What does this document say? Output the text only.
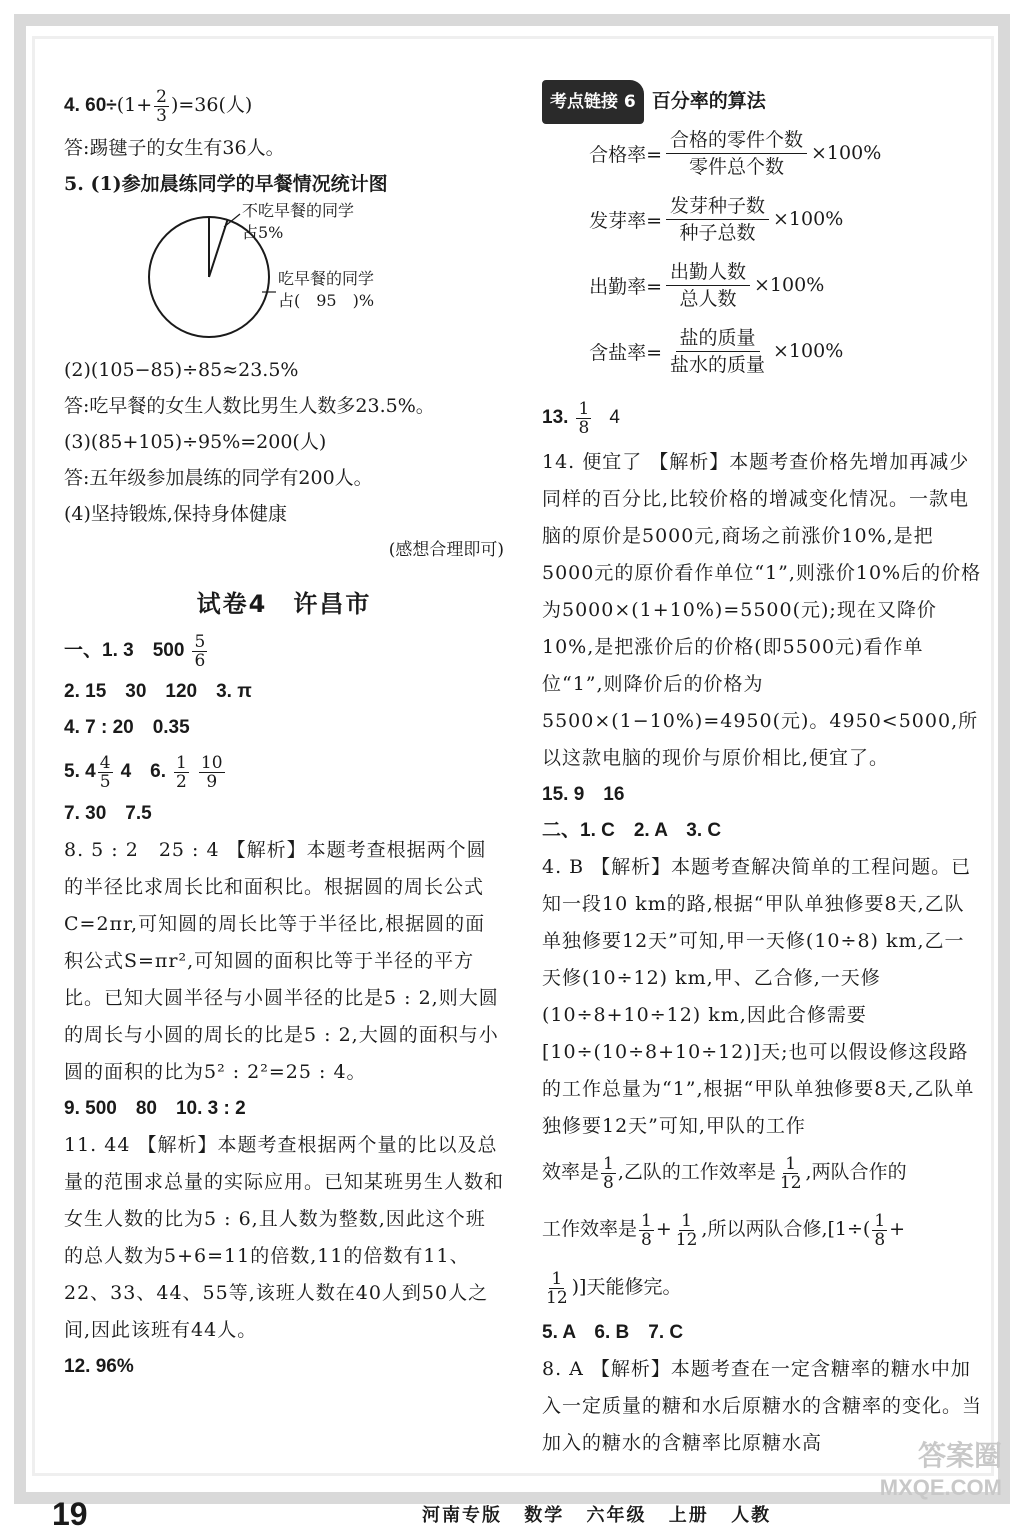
4. $60\div(1+ \frac{2}{3} )=36$(人)
答:踢毽子的女生有36人。
5. (1)参加晨练同学的早餐情况统计图
不吃早餐的同学
占5%
吃早餐的同学
占(　95　)%
(2)(105−85)÷85≈23.5%
答:吃早餐的女生人数比男生人数多23.5%。
(3)(85+105)÷95%=200(人)
答:五年级参加晨练的同学有200人。
(4)坚持锻炼,保持身体健康
(感想合理即可)
试卷4　许昌市
一、1. 3　$500 \frac{5}{6}$
2. 15　30　120　3. π
4. 7 : 20　0.35
5. $4 \frac{4}{5} 4$　6. $\frac{1}{2}$
$\frac{10}{9}$
7. 30　7.5
8. 5 : 2　25 : 4 【解析】本题考查根据两个圆的半径比求周长比和面积比。根据圆的周长公式C=2πr,可知圆的周长比等于半径比,根据圆的面积公式S=πr²,可知圆的面积比等于半径的平方比。已知大圆半径与小圆半径的比是5 : 2,则大圆的周长与小圆的周长的比是5 : 2,大圆的面积与小圆的面积的比为5² : 2²=25 : 4。
9. 500　80　10. 3 : 2
11. 44 【解析】本题考查根据两个量的比以及总量的范围求总量的实际应用。已知某班男生人数和女生人数的比为5 : 6,且人数为整数,因此这个班的总人数为5+6=11的倍数,11的倍数有11、22、33、44、55等,该班人数在40人到50人之间,因此该班有44人。
12. 96%
考点链接 6 百分率的算法
合格率=
合格的零件个数
零件总个数
×100%
发芽率=
发芽种子数
种子总数
×100%
出勤率=
出勤人数
总人数
×100%
含盐率=
盐的质量
盐水的质量
×100%
13. $\frac{1}{8} 4$
14. 便宜了 【解析】本题考查价格先增加再减少同样的百分比,比较价格的增减变化情况。一款电脑的原价是5000元,商场之前涨价10%,是把5000元的原价看作单位“1”,则涨价10%后的价格为5000×(1+10%)=5500(元);现在又降价10%,是把涨价后的价格(即5500元)看作单位“1”,则降价后的价格为5500×(1−10%)=4950(元)。4950<5000,所以这款电脑的现价与原价相比,便宜了。
15. 9　16
二、1. C　2. A　3. C
4. B 【解析】本题考查解决简单的工程问题。已知一段10 km的路,根据“甲队单独修要8天,乙队单独修要12天”可知,甲一天修(10÷8) km,乙一天修(10÷12) km,甲、乙合修,一天修(10÷8+10÷12) km,因此合修需要[10÷(10÷8+10÷12)]天;也可以假设修这段路的工作总量为“1”,根据“甲队单独修要8天,乙队单独修要12天”可知,甲队的工作
效率是 $\frac{1}{8}$ ,乙队的工作效率是 $\frac{1}{12}$ ,两队合作的
工作效率是 $\frac{1}{8} + \frac{1}{12}$ ,所以两队合修$,[1\div( \frac{1}{8}$ +
$\frac{1}{12}$ )]天能修完。
5. A　6. B　7. C
8. A 【解析】本题考查在一定含糖率的糖水中加入一定质量的糖和水后原糖水的含糖率的变化。当加入的糖水的含糖率比原糖水高
19	河南专版 数学 六年级 上册 人教
答案圈
MXQE.COM
